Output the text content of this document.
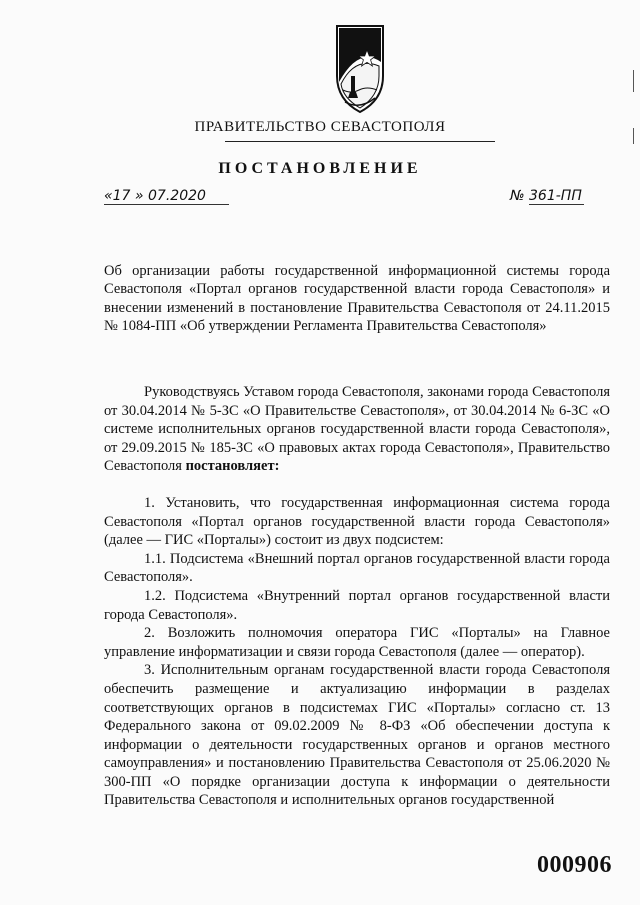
ПРАВИТЕЛЬСТВО СЕВАСТОПОЛЯ
ПОСТАНОВЛЕНИЕ
«17 » 07.2020	№ 361-ПП
Об организации работы государственной информационной системы города Севастополя «Портал органов государственной власти города Севастополя» и внесении изменений в постановление Правительства Севастополя от 24.11.2015 № 1084-ПП «Об утверждении Регламента Правительства Севастополя»

Руководствуясь Уставом города Севастополя, законами города Севастополя от 30.04.2014 № 5-ЗС «О Правительстве Севастополя», от 30.04.2014 № 6-ЗС «О системе исполнительных органов государственной власти города Севастополя», от 29.09.2015 № 185-ЗС «О правовых актах города Севастополя», Правительство Севастополя постановляет:

1. Установить, что государственная информационная система города Севастополя «Портал органов государственной власти города Севастополя» (далее — ГИС «Порталы») состоит из двух подсистем:

1.1. Подсистема «Внешний портал органов государственной власти города Севастополя».

1.2. Подсистема «Внутренний портал органов государственной власти города Севастополя».

2. Возложить полномочия оператора ГИС «Порталы» на Главное управление информатизации и связи города Севастополя (далее — оператор).

3. Исполнительным органам государственной власти города Севастополя обеспечить размещение и актуализацию информации в разделах соответствующих органов в подсистемах ГИС «Порталы» согласно ст. 13 Федерального закона от 09.02.2009 № 8-ФЗ «Об обеспечении доступа к информации о деятельности государственных органов и органов местного самоуправления» и постановлению Правительства Севастополя от 25.06.2020 № 300-ПП «О порядке организации доступа к информации о деятельности Правительства Севастополя и исполнительных органов государственной

000906
